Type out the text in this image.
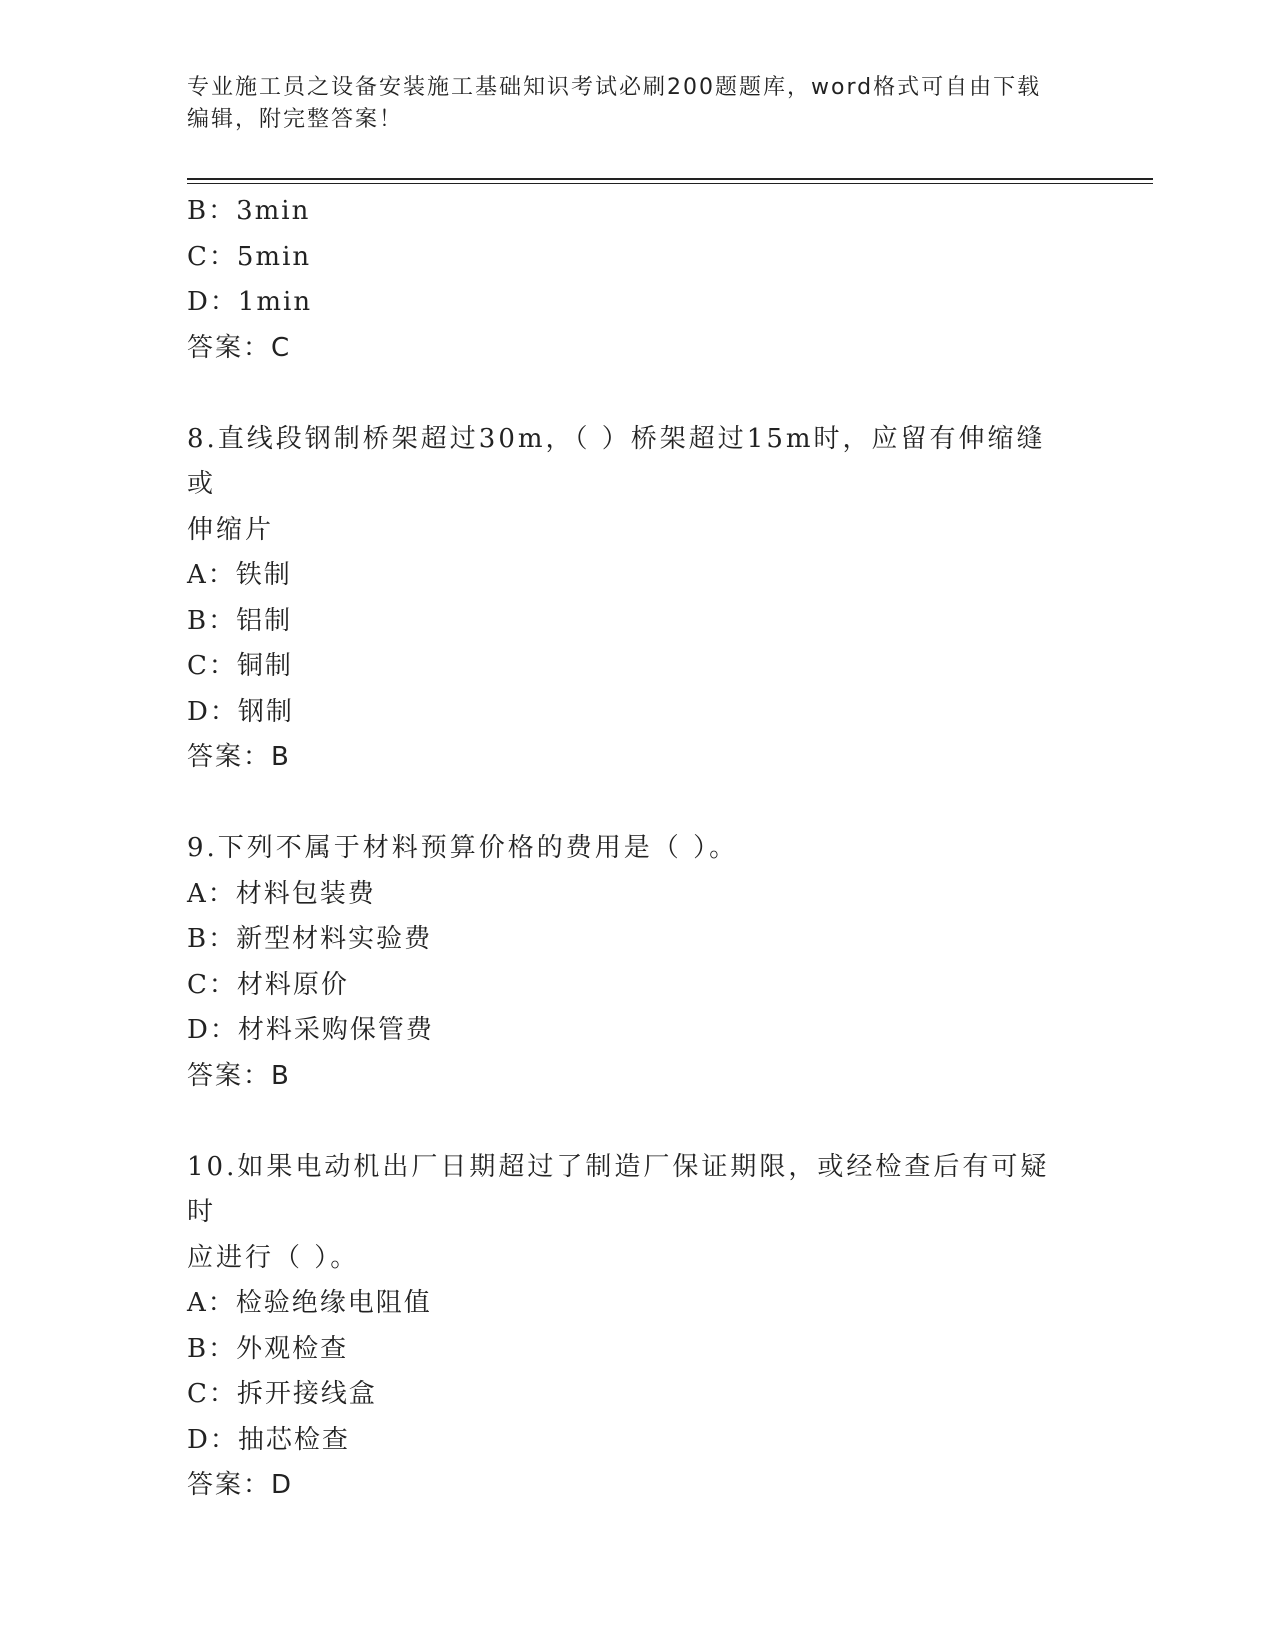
专业施工员之设备安装施工基础知识考试必刷200题题库，word格式可自由下载
编辑，附完整答案！
B：3min
C：5min
D：1min
答案：C
8.直线段钢制桥架超过30m，（ ）桥架超过15m时，应留有伸缩缝或
伸缩片
A：铁制
B：铝制
C：铜制
D：钢制
答案：B
9.下列不属于材料预算价格的费用是（ ）。
A：材料包装费
B：新型材料实验费
C：材料原价
D：材料采购保管费
答案：B
10.如果电动机出厂日期超过了制造厂保证期限，或经检查后有可疑时
应进行（ ）。
A：检验绝缘电阻值
B：外观检查
C：拆开接线盒
D：抽芯检查
答案：D
